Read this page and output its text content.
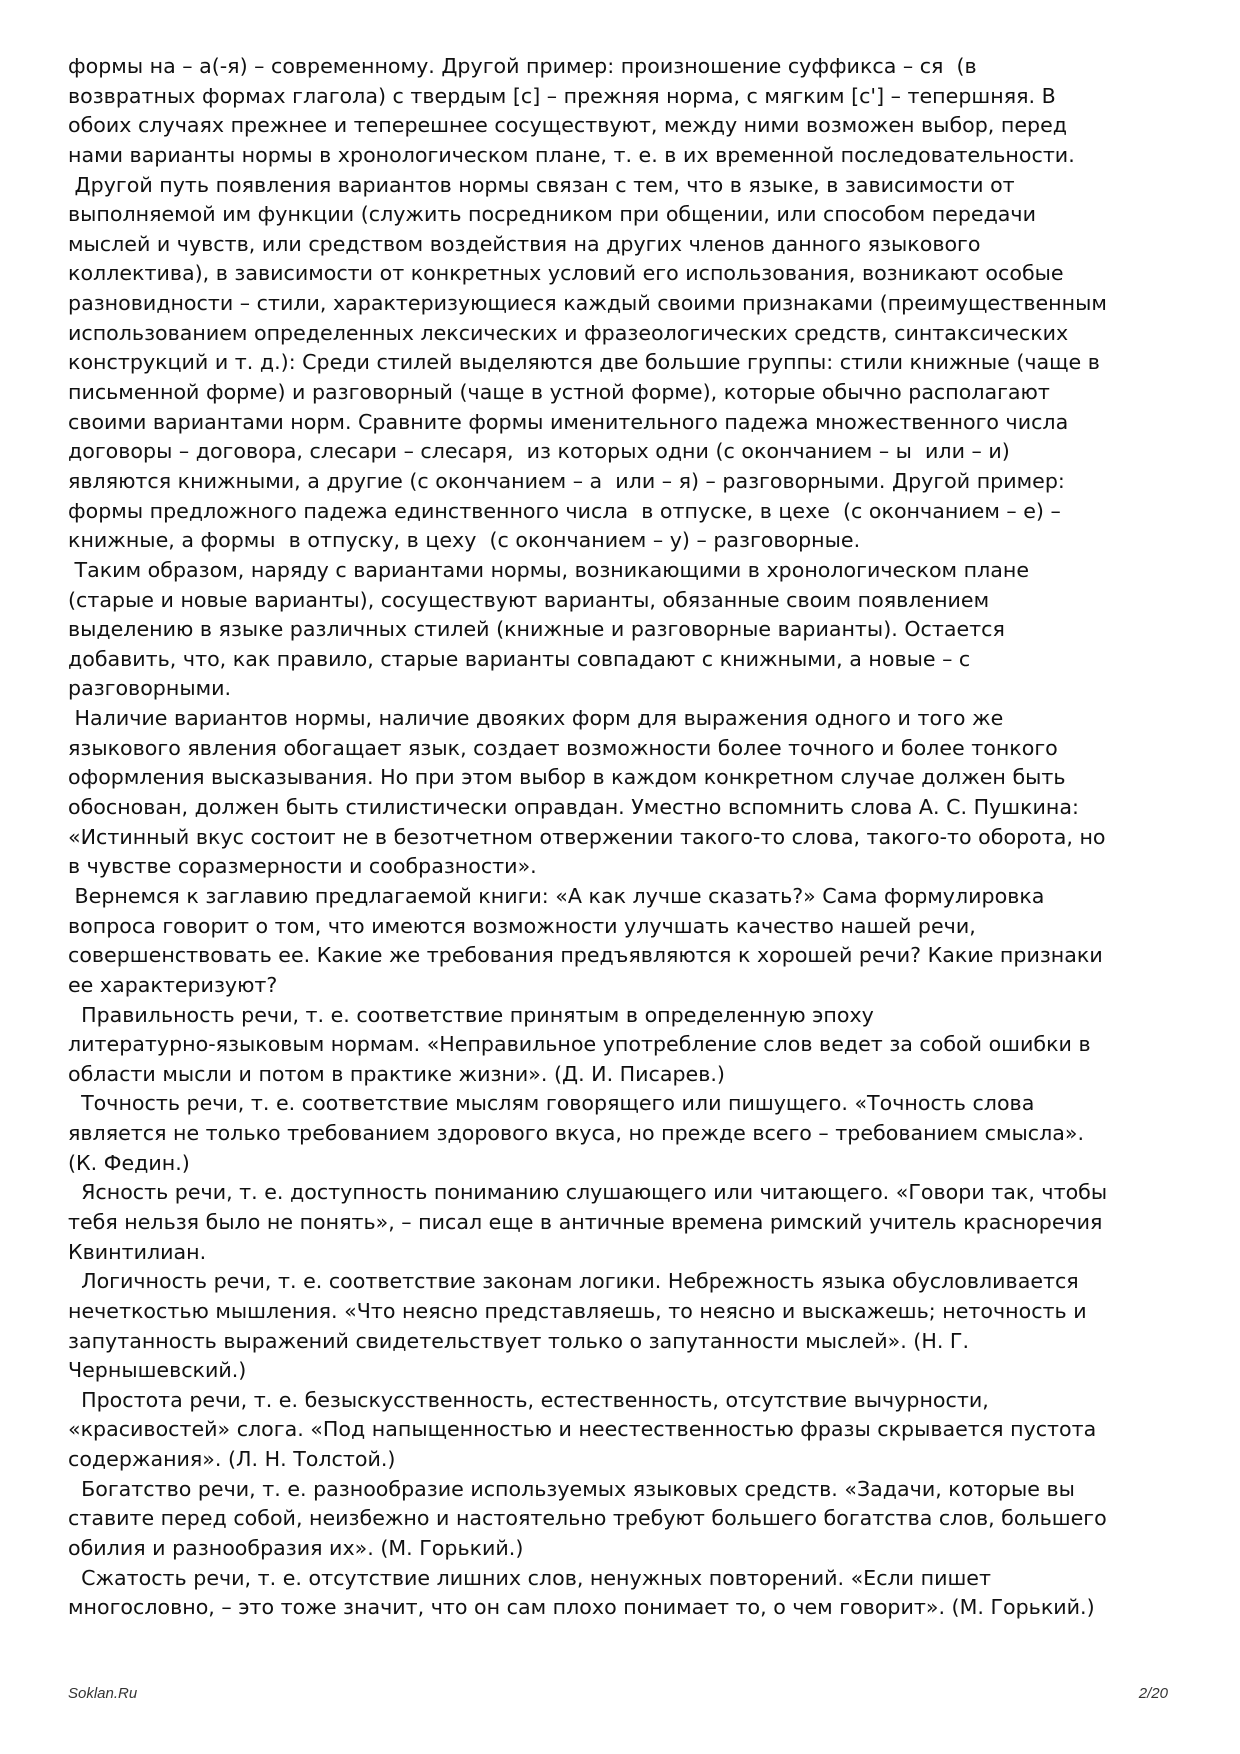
формы на – а(-я) – современному. Другой пример: произношение суффикса – ся  (в
возвратных формах глагола) с твердым [с] – прежняя норма, с мягким [с'] – тепершняя. В
обоих случаях прежнее и теперешнее сосуществуют, между ними возможен выбор, перед
нами варианты нормы в хронологическом плане, т. е. в их временной последовательности.
Другой путь появления вариантов нормы связан с тем, что в языке, в зависимости от
выполняемой им функции (служить посредником при общении, или способом передачи
мыслей и чувств, или средством воздействия на других членов данного языкового
коллектива), в зависимости от конкретных условий его использования, возникают особые
разновидности – стили, характеризующиеся каждый своими признаками (преимущественным
использованием определенных лексических и фразеологических средств, синтаксических
конструкций и т. д.): Среди стилей выделяются две большие группы: стили книжные (чаще в
письменной форме) и разговорный (чаще в устной форме), которые обычно располагают
своими вариантами норм. Сравните формы именительного падежа множественного числа
договоры – договора, слесари – слесаря,  из которых одни (с окончанием – ы  или – и)
являются книжными, а другие (с окончанием – а  или – я) – разговорными. Другой пример:
формы предложного падежа единственного числа  в отпуске, в цехе  (с окончанием – е) –
книжные, а формы  в отпуску, в цеху  (с окончанием – у) – разговорные.
Таким образом, наряду с вариантами нормы, возникающими в хронологическом плане
(старые и новые варианты), сосуществуют варианты, обязанные своим появлением
выделению в языке различных стилей (книжные и разговорные варианты). Остается
добавить, что, как правило, старые варианты совпадают с книжными, а новые – с
разговорными.
Наличие вариантов нормы, наличие двояких форм для выражения одного и того же
языкового явления обогащает язык, создает возможности более точного и более тонкого
оформления высказывания. Но при этом выбор в каждом конкретном случае должен быть
обоснован, должен быть стилистически оправдан. Уместно вспомнить слова А. С. Пушкина:
«Истинный вкус состоит не в безотчетном отвержении такого-то слова, такого-то оборота, но
в чувстве соразмерности и сообразности».
Вернемся к заглавию предлагаемой книги: «А как лучше сказать?» Сама формулировка
вопроса говорит о том, что имеются возможности улучшать качество нашей речи,
совершенствовать ее. Какие же требования предъявляются к хорошей речи? Какие признаки
ее характеризуют?
Правильность речи, т. е. соответствие принятым в определенную эпоху
литературно-языковым нормам. «Неправильное употребление слов ведет за собой ошибки в
области мысли и потом в практике жизни». (Д. И. Писарев.)
Точность речи, т. е. соответствие мыслям говорящего или пишущего. «Точность слова
является не только требованием здорового вкуса, но прежде всего – требованием смысла».
(К. Федин.)
Ясность речи, т. е. доступность пониманию слушающего или читающего. «Говори так, чтобы
тебя нельзя было не понять», – писал еще в античные времена римский учитель красноречия
Квинтилиан.
Логичность речи, т. е. соответствие законам логики. Небрежность языка обусловливается
нечеткостью мышления. «Что неясно представляешь, то неясно и выскажешь; неточность и
запутанность выражений свидетельствует только о запутанности мыслей». (Н. Г.
Чернышевский.)
Простота речи, т. е. безыскусственность, естественность, отсутствие вычурности,
«красивостей» слога. «Под напыщенностью и неестественностью фразы скрывается пустота
содержания». (Л. Н. Толстой.)
Богатство речи, т. е. разнообразие используемых языковых средств. «Задачи, которые вы
ставите перед собой, неизбежно и настоятельно требуют большего богатства слов, большего
обилия и разнообразия их». (М. Горький.)
Сжатость речи, т. е. отсутствие лишних слов, ненужных повторений. «Если пишет
многословно, – это тоже значит, что он сам плохо понимает то, о чем говорит». (М. Горький.)
Soklan.Ru	2/20
